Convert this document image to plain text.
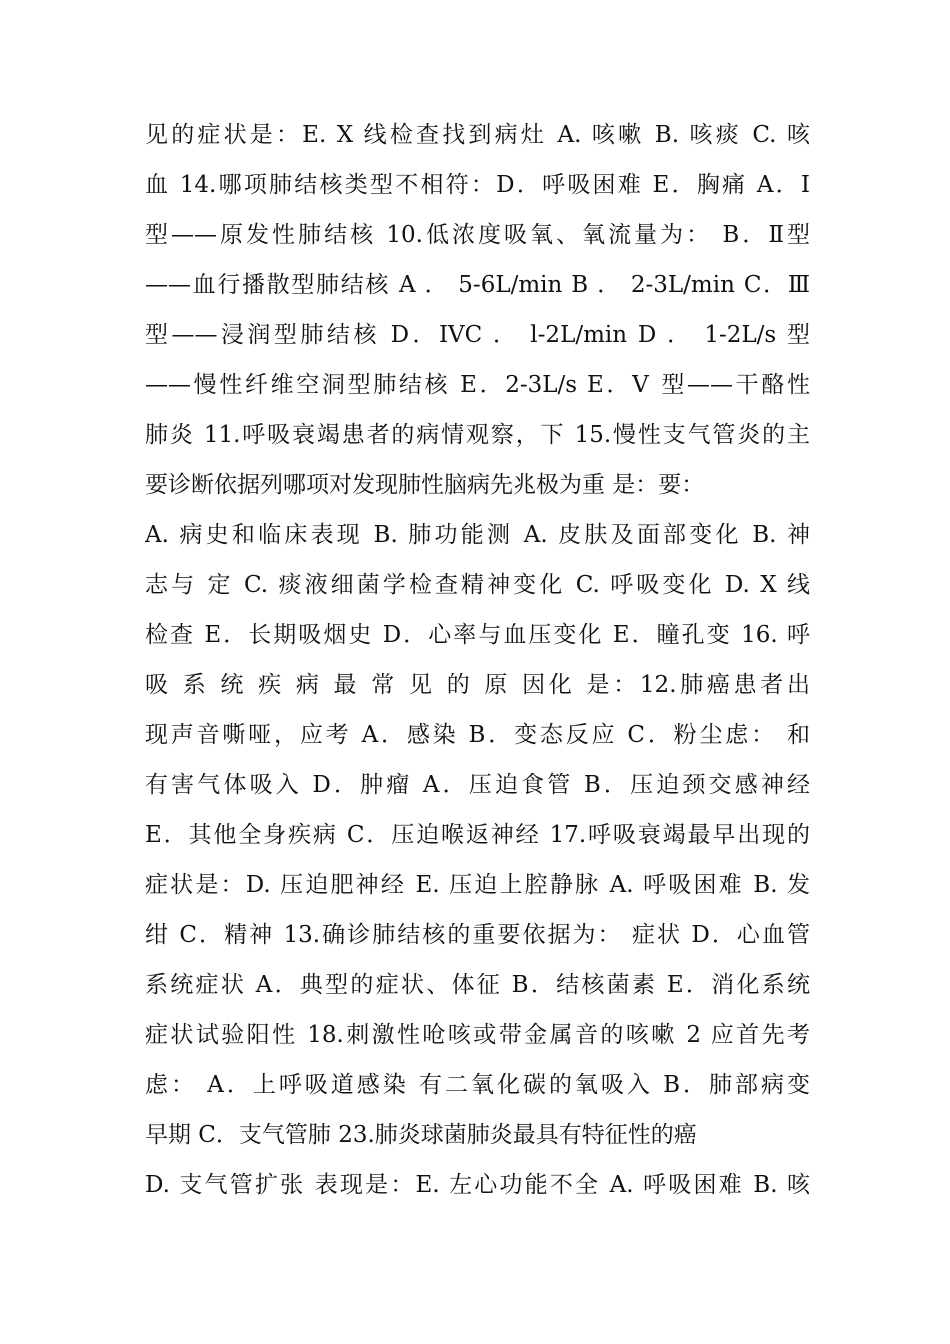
见的症状是：E. X 线检查找到病灶 A. 咳嗽 B. 咳痰 C. 咳
血 14.哪项肺结核类型不相符：D．呼吸困难 E．胸痛 A．Ⅰ
型——原发性肺结核 10.低浓度吸氧、氧流量为： B．Ⅱ型
——血行播散型肺结核 A ． 5-6L/min B ． 2-3L/min C．Ⅲ
型——浸润型肺结核 D．IVC ． l-2L/min D ． 1-2L/s 型
——慢性纤维空洞型肺结核 E．2-3L/s E．Ⅴ 型——干酪性
肺炎 11.呼吸衰竭患者的病情观察，下 15.慢性支气管炎的主
要诊断依据列哪项对发现肺性脑病先兆极为重 是：要：
A. 病史和临床表现 B. 肺功能测 A. 皮肤及面部变化 B. 神
志与 定 C. 痰液细菌学检查精神变化 C. 呼吸变化 D. X 线
检查 E．长期吸烟史 D．心率与血压变化 E．瞳孔变 16. 呼
吸 系 统 疾 病 最 常 见 的 原 因化 是：12.肺癌患者出
现声音嘶哑，应考 A．感染 B．变态反应 C．粉尘虑： 和
有害气体吸入 D．肿瘤 A．压迫食管 B．压迫颈交感神经
E．其他全身疾病 C．压迫喉返神经 17.呼吸衰竭最早出现的
症状是：D. 压迫肥神经 E. 压迫上腔静脉 A. 呼吸困难 B. 发
绀 C．精神 13.确诊肺结核的重要依据为： 症状 D．心血管
系统症状 A．典型的症状、体征 B．结核菌素 E．消化系统
症状试验阳性 18.刺激性呛咳或带金属音的咳嗽 2 应首先考
虑： A．上呼吸道感染 有二氧化碳的氧吸入 B．肺部病变
早期 C．支气管肺 23.肺炎球菌肺炎最具有特征性的癌
D. 支气管扩张 表现是：E. 左心功能不全 A. 呼吸困难 B. 咳
